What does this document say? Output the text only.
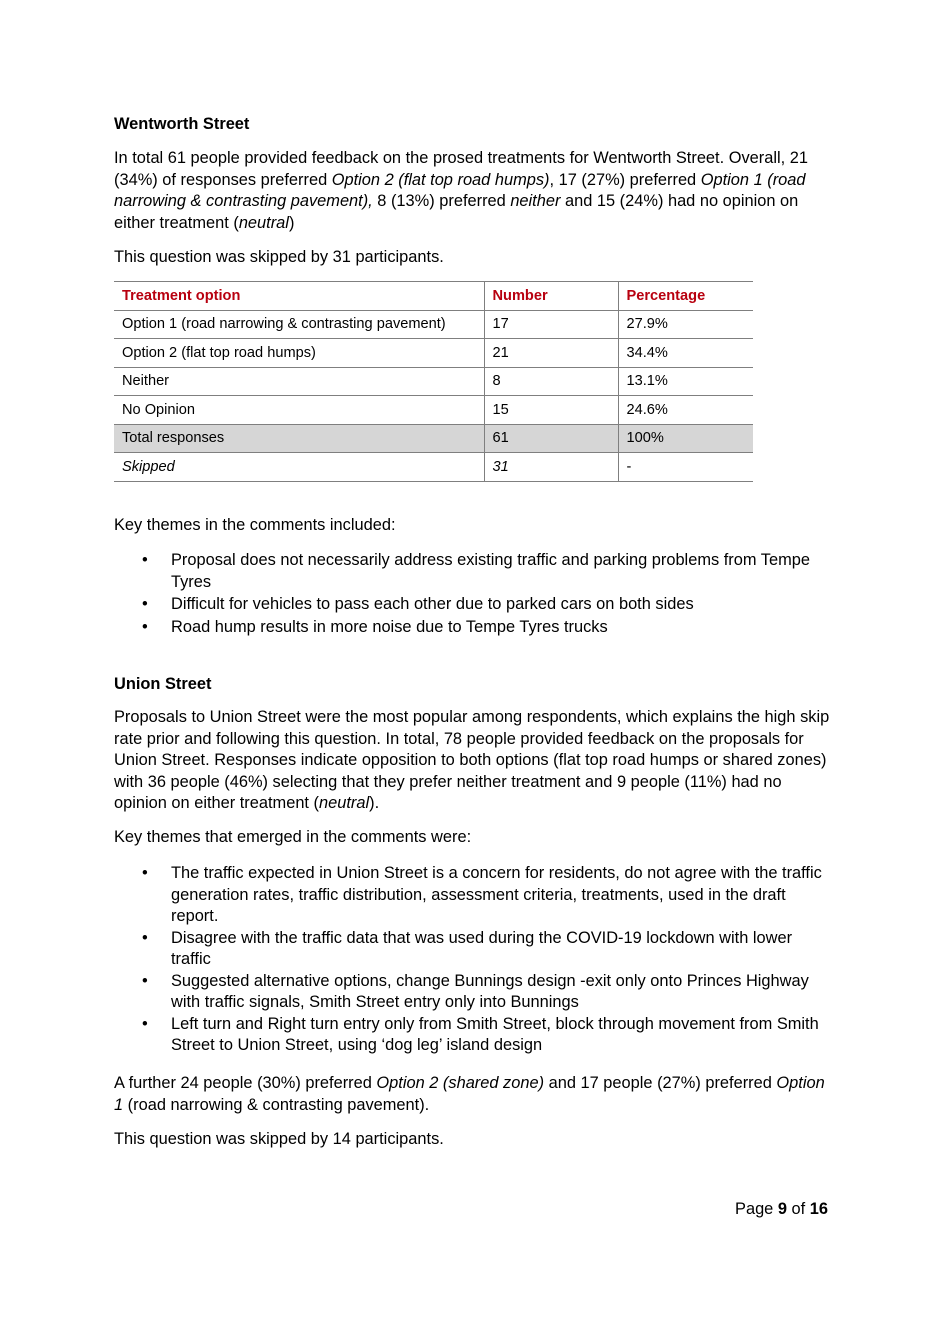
Wentworth Street

In total 61 people provided feedback on the prosed treatments for Wentworth Street. Overall, 21 (34%) of responses preferred Option 2 (flat top road humps), 17 (27%) preferred Option 1 (road narrowing & contrasting pavement), 8 (13%) preferred neither and 15 (24%) had no opinion on either treatment (neutral)

This question was skipped by 31 participants.

Treatment option	Number	Percentage
Option 1 (road narrowing & contrasting pavement)	17	27.9%
Option 2 (flat top road humps)	21	34.4%
Neither	8	13.1%
No Opinion	15	24.6%
Total responses	61	100%
Skipped	31	-

Key themes in the comments included:

• Proposal does not necessarily address existing traffic and parking problems from Tempe Tyres
• Difficult for vehicles to pass each other due to parked cars on both sides
• Road hump results in more noise due to Tempe Tyres trucks
Union Street

Proposals to Union Street were the most popular among respondents, which explains the high skip rate prior and following this question. In total, 78 people provided feedback on the proposals for Union Street. Responses indicate opposition to both options (flat top road humps or shared zones) with 36 people (46%) selecting that they prefer neither treatment and 9 people (11%) had no opinion on either treatment (neutral).

Key themes that emerged in the comments were:

• The traffic expected in Union Street is a concern for residents, do not agree with the traffic generation rates, traffic distribution, assessment criteria, treatments, used in the draft report.
• Disagree with the traffic data that was used during the COVID-19 lockdown with lower traffic
• Suggested alternative options, change Bunnings design -exit only onto Princes Highway with traffic signals, Smith Street entry only into Bunnings
• Left turn and Right turn entry only from Smith Street, block through movement from Smith Street to Union Street, using ‘dog leg’ island design

A further 24 people (30%) preferred Option 2 (shared zone) and 17 people (27%) preferred Option 1 (road narrowing & contrasting pavement).

This question was skipped by 14 participants.

Page 9 of 16
